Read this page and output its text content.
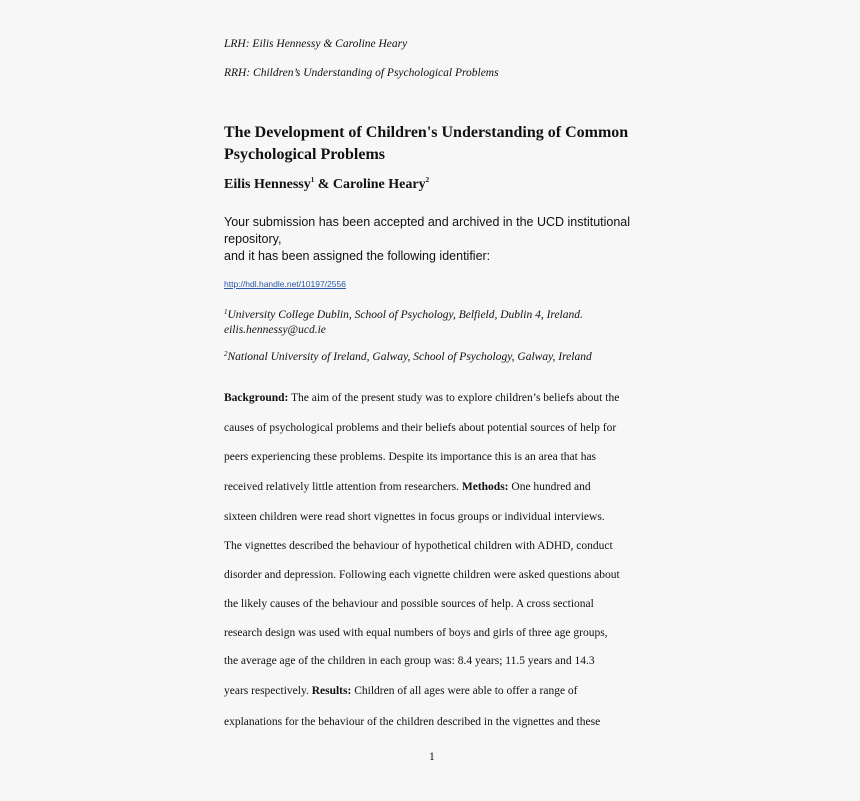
LRH: Eilis Hennessy & Caroline Heary
RRH: Children’s Understanding of Psychological Problems
The Development of Children's Understanding of Common Psychological Problems
Eilis Hennessy$^1$ & Caroline Heary$^2$
Your submission has been accepted and archived in the UCD institutional repository,
and it has been assigned the following identifier:
http://hdl.handle.net/10197/2556
$^1$University College Dublin, School of Psychology, Belfield, Dublin 4, Ireland.
eilis.hennessy@ucd.ie
$^2$National University of Ireland, Galway, School of Psychology, Galway, Ireland
Background: The aim of the present study was to explore children’s beliefs about the
causes of psychological problems and their beliefs about potential sources of help for
peers experiencing these problems. Despite its importance this is an area that has
received relatively little attention from researchers. Methods: One hundred and
sixteen children were read short vignettes in focus groups or individual interviews.
The vignettes described the behaviour of hypothetical children with ADHD, conduct
disorder and depression. Following each vignette children were asked questions about
the likely causes of the behaviour and possible sources of help. A cross sectional
research design was used with equal numbers of boys and girls of three age groups,
the average age of the children in each group was: 8.4 years; 11.5 years and 14.3
years respectively. Results: Children of all ages were able to offer a range of
explanations for the behaviour of the children described in the vignettes and these
1
